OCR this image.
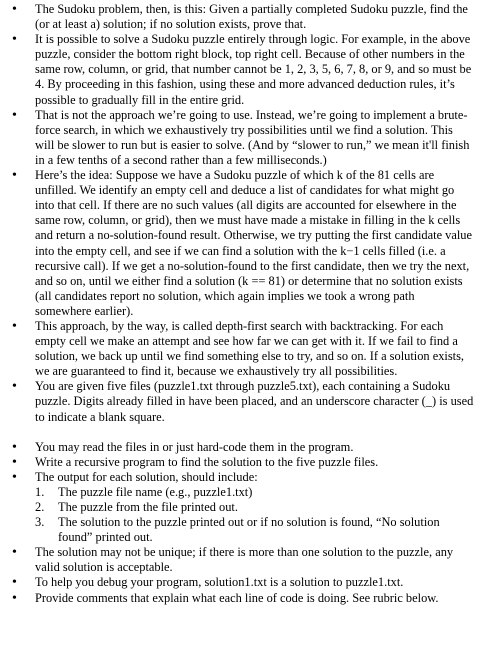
• The Sudoku problem, then, is this: Given a partially completed Sudoku puzzle, find the (or at least a) solution; if no solution exists, prove that.
• It is possible to solve a Sudoku puzzle entirely through logic. For example, in the above puzzle, consider the bottom right block, top right cell. Because of other numbers in the same row, column, or grid, that number cannot be 1, 2, 3, 5, 6, 7, 8, or 9, and so must be 4. By proceeding in this fashion, using these and more advanced deduction rules, it’s possible to gradually fill in the entire grid.
• That is not the approach we’re going to use. Instead, we’re going to implement a brute-force search, in which we exhaustively try possibilities until we find a solution. This will be slower to run but is easier to solve. (And by “slower to run,” we mean it'll finish in a few tenths of a second rather than a few milliseconds.)
• Here’s the idea: Suppose we have a Sudoku puzzle of which k of the 81 cells are unfilled. We identify an empty cell and deduce a list of candidates for what might go into that cell. If there are no such values (all digits are accounted for elsewhere in the same row, column, or grid), then we must have made a mistake in filling in the k cells and return a no-solution-found result. Otherwise, we try putting the first candidate value into the empty cell, and see if we can find a solution with the k−1 cells filled (i.e. a recursive call). If we get a no-solution-found to the first candidate, then we try the next, and so on, until we either find a solution (k == 81) or determine that no solution exists (all candidates report no solution, which again implies we took a wrong path somewhere earlier).
• This approach, by the way, is called depth-first search with backtracking. For each empty cell we make an attempt and see how far we can get with it. If we fail to find a solution, we back up until we find something else to try, and so on. If a solution exists, we are guaranteed to find it, because we exhaustively try all possibilities.
• You are given five files (puzzle1.txt through puzzle5.txt), each containing a Sudoku puzzle. Digits already filled in have been placed, and an underscore character (_) is used to indicate a blank square.
• You may read the files in or just hard-code them in the program.
• Write a recursive program to find the solution to the five puzzle files.
• The output for each solution, should include:
1. The puzzle file name (e.g., puzzle1.txt)
2. The puzzle from the file printed out.
3. The solution to the puzzle printed out or if no solution is found, “No solution found” printed out.
• The solution may not be unique; if there is more than one solution to the puzzle, any valid solution is acceptable.
• To help you debug your program, solution1.txt is a solution to puzzle1.txt.
• Provide comments that explain what each line of code is doing. See rubric below.
